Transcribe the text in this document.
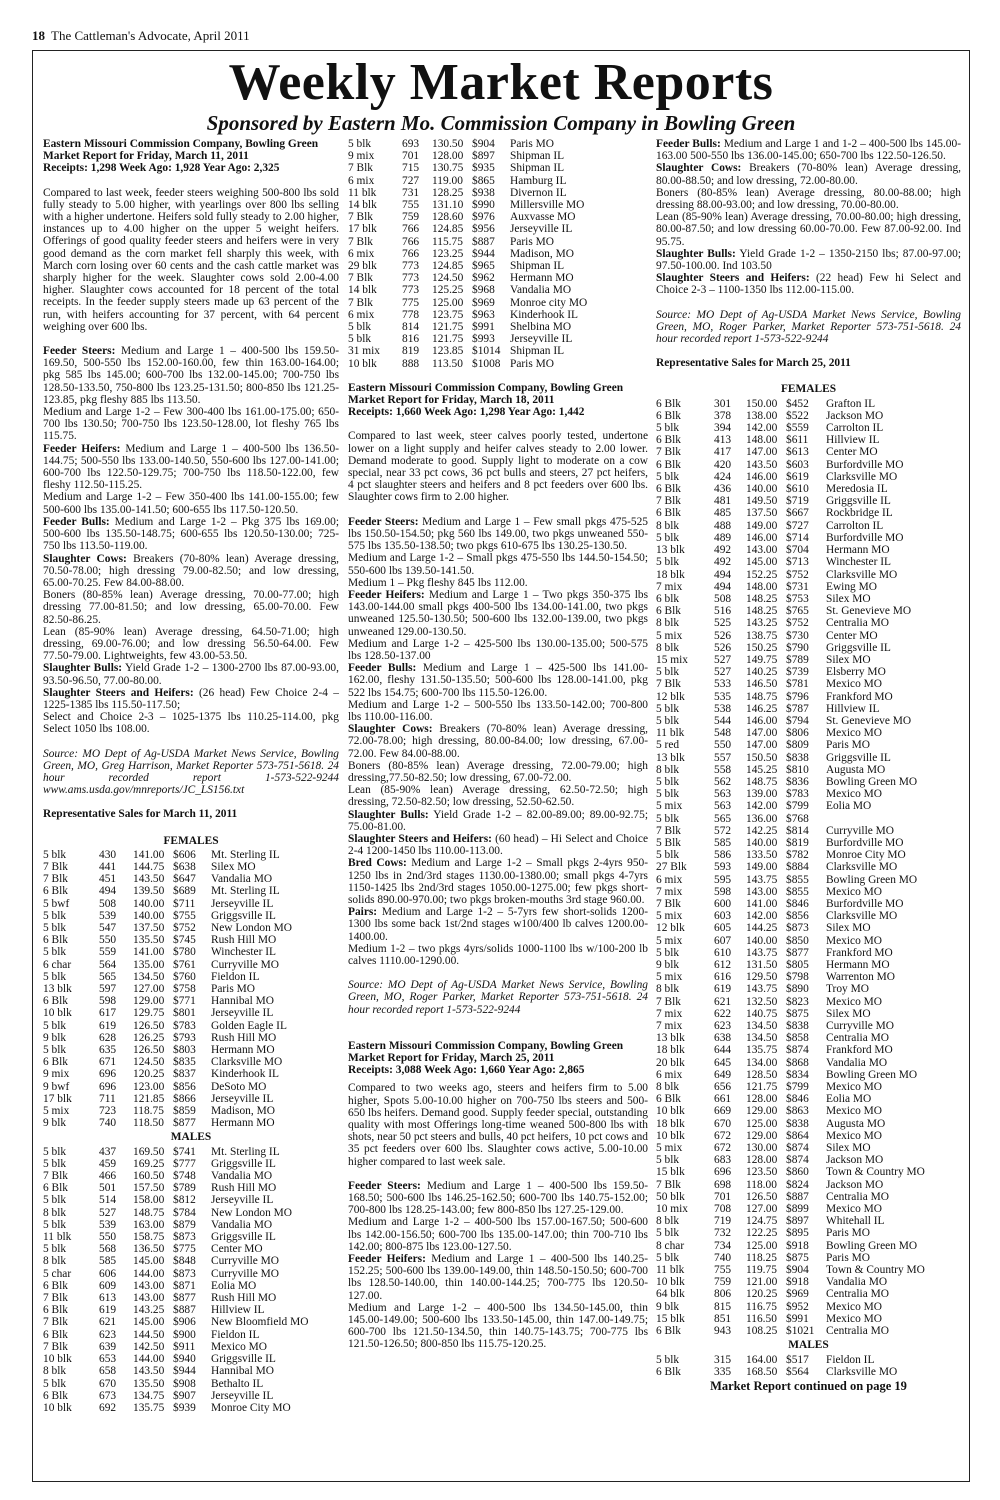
18 The Cattleman's Advocate, April 2011
Weekly Market Reports
Sponsored by Eastern Mo. Commission Company in Bowling Green
Eastern Missouri Commission Company, Bowling Green
Market Report for Friday, March 11, 2011
Receipts: 1,298 Week Ago: 1,928 Year Ago: 2,325

Compared to last week, feeder steers weighing 500-800 lbs sold fully steady to 5.00 higher, with yearlings over 800 lbs selling with a higher undertone. Heifers sold fully steady to 2.00 higher, instances up to 4.00 higher on the upper 5 weight heifers. Offerings of good quality feeder steers and heifers were in very good demand as the corn market fell sharply this week, with March corn losing over 60 cents and the cash cattle market was sharply higher for the week. Slaughter cows sold 2.00-4.00 higher. Slaughter cows accounted for 18 percent of the total receipts. In the feeder supply steers made up 63 percent of the run, with heifers accounting for 37 percent, with 64 percent weighing over 600 lbs.

Feeder Steers: Medium and Large 1 – 400-500 lbs 159.50-169.50, 500-550 lbs 152.00-160.00, few thin 163.00-164.00; pkg 585 lbs 145.00; 600-700 lbs 132.00-145.00; 700-750 lbs 128.50-133.50, 750-800 lbs 123.25-131.50; 800-850 lbs 121.25-123.85, pkg fleshy 885 lbs 113.50.

Medium and Large 1-2 – Few 300-400 lbs 161.00-175.00; 650-700 lbs 130.50; 700-750 lbs 123.50-128.00, lot fleshy 765 lbs 115.75.

Feeder Heifers: Medium and Large 1 – 400-500 lbs 136.50-144.75; 500-550 lbs 133.00-140.50, 550-600 lbs 127.00-141.00; 600-700 lbs 122.50-129.75; 700-750 lbs 118.50-122.00, few fleshy 112.50-115.25.

Medium and Large 1-2 – Few 350-400 lbs 141.00-155.00; few 500-600 lbs 135.00-141.50; 600-655 lbs 117.50-120.50.

Feeder Bulls: Medium and Large 1-2 – Pkg 375 lbs 169.00; 500-600 lbs 135.50-148.75; 600-655 lbs 120.50-130.00; 725-750 lbs 113.50-119.00.

Slaughter Cows: Breakers (70-80% lean) Average dressing, 70.50-78.00; high dressing 79.00-82.50; and low dressing, 65.00-70.25. Few 84.00-88.00.

Boners (80-85% lean) Average dressing, 70.00-77.00; high dressing 77.00-81.50; and low dressing, 65.00-70.00. Few 82.50-86.25.

Lean (85-90% lean) Average dressing, 64.50-71.00; high dressing, 69.00-76.00; and low dressing 56.50-64.00. Few 77.50-79.00. Lightweights, few 43.00-53.50.

Slaughter Bulls: Yield Grade 1-2 – 1300-2700 lbs 87.00-93.00, 93.50-96.50, 77.00-80.00.

Slaughter Steers and Heifers: (26 head) Few Choice 2-4 – 1225-1385 lbs 115.50-117.50;

Select and Choice 2-3 – 1025-1375 lbs 110.25-114.00, pkg Select 1050 lbs 108.00.

Source: MO Dept of Ag-USDA Market News Service, Bowling Green, MO, Greg Harrison, Market Reporter 573-751-5618. 24 hour recorded report 1-573-522-9244 www.ams.usda.gov/mnreports/JC_LS156.txt

Representative Sales for March 11, 2011
FEMALES
5 blk	430	141.00 $606	Mt. Sterling IL
7 Blk	441	144.75 $638	Silex MO
7 Blk	451	143.50 $647	Vandalia MO
6 Blk	494	139.50 $689	Mt. Sterling IL
5 bwf	508	140.00 $711	Jerseyville IL
5 blk	539	140.00 $755	Griggsville IL
5 blk	547	137.50 $752	New London MO
6 Blk	550	135.50 $745	Rush Hill MO
5 blk	559	141.00 $780	Winchester IL
6 char	564	135.00 $761	Curryville MO
5 blk	565	134.50 $760	Fieldon IL
13 blk	597	127.00 $758	Paris MO
6 Blk	598	129.00 $771	Hannibal MO
10 blk	617	129.75 $801	Jerseyville IL
5 blk	619	126.50 $783	Golden Eagle IL
9 blk	628	126.25 $793	Rush Hill MO
5 blk	635	126.50 $803	Hermann MO
6 Blk	671	124.50 $835	Clarksville MO
9 mix	696	120.25 $837	Kinderhook IL
9 bwf	696	123.00 $856	DeSoto MO
17 blk	711	121.85 $866	Jerseyville IL
5 mix	723	118.75 $859	Madison, MO
9 blk	740	118.50 $877	Hermann MO
MALES
5 blk	437	169.50 $741	Mt. Sterling IL
5 blk	459	169.25 $777	Griggsville IL
7 Blk	466	160.50 $748	Vandalia MO
6 Blk	501	157.50 $789	Rush Hill MO
5 blk	514	158.00 $812	Jerseyville IL
8 blk	527	148.75 $784	New London MO
5 blk	539	163.00 $879	Vandalia MO
11 blk	550	158.75 $873	Griggsville IL
5 blk	568	136.50 $775	Center MO
8 blk	585	145.00 $848	Curryville MO
5 char	606	144.00 $873	Curryville MO
6 Blk	609	143.00 $871	Eolia MO
7 Blk	613	143.00 $877	Rush Hill MO
6 Blk	619	143.25 $887	Hillview IL
7 Blk	621	145.00 $906	New Bloomfield MO
6 Blk	623	144.50 $900	Fieldon IL
7 Blk	639	142.50 $911	Mexico MO
10 blk	653	144.00 $940	Griggsville IL
8 blk	658	143.50 $944	Hannibal MO
5 blk	670	135.50 $908	Bethalto IL
6 Blk	673	134.75 $907	Jerseyville IL
10 blk	692	135.75 $939	Monroe City MO
5 blk	693	130.50 $904	Paris MO
9 mix	701	128.00 $897	Shipman IL
7 Blk	715	130.75 $935	Shipman IL
6 mix	727	119.00 $865	Hamburg IL
11 blk	731	128.25 $938	Divernon IL
14 blk	755	131.10 $990	Millersville MO
7 Blk	759	128.60 $976	Auxvasse MO
17 blk	766	124.85 $956	Jerseyville IL
7 Blk	766	115.75 $887	Paris MO
6 mix	766	123.25 $944	Madison, MO
29 blk	773	124.85 $965	Shipman IL
7 Blk	773	124.50 $962	Hermann MO
14 blk	773	125.25 $968	Vandalia MO
7 Blk	775	125.00 $969	Monroe city MO
6 mix	778	123.75 $963	Kinderhook IL
5 blk	814	121.75 $991	Shelbina MO
5 blk	816	121.75 $993	Jerseyville IL
31 mix	819	123.85 $1014 Shipman IL
10 blk	888	113.50 $1008 Paris MO
Eastern Missouri Commission Company, Bowling Green
Market Report for Friday, March 18, 2011
Receipts: 1,660 Week Ago: 1,298 Year Ago: 1,442

Compared to last week, steer calves poorly tested, undertone lower on a light supply and heifer calves steady to 2.00 lower. Demand moderate to good. Supply light to moderate on a cow special, near 33 pct cows, 36 pct bulls and steers, 27 pct heifers, 4 pct slaughter steers and heifers and 8 pct feeders over 600 lbs. Slaughter cows firm to 2.00 higher.

Feeder Steers: Medium and Large 1 – Few small pkgs 475-525 lbs 150.50-154.50; pkg 560 lbs 149.00, two pkgs unweaned 550-575 lbs 135.50-138.50; two pkgs 610-675 lbs 130.25-130.50.

Medium and Large 1-2 – Small pkgs 475-550 lbs 144.50-154.50; 550-600 lbs 139.50-141.50.

Medium 1 – Pkg fleshy 845 lbs 112.00.

Feeder Heifers: Medium and Large 1 – Two pkgs 350-375 lbs 143.00-144.00 small pkgs 400-500 lbs 134.00-141.00, two pkgs unweaned 125.50-130.50; 500-600 lbs 132.00-139.00, two pkgs unweaned 129.00-130.50.

Medium and Large 1-2 – 425-500 lbs 130.00-135.00; 500-575 lbs 128.50-137.00

Feeder Bulls: Medium and Large 1 – 425-500 lbs 141.00-162.00, fleshy 131.50-135.50; 500-600 lbs 128.00-141.00, pkg 522 lbs 154.75; 600-700 lbs 115.50-126.00.

Medium and Large 1-2 – 500-550 lbs 133.50-142.00; 700-800 lbs 110.00-116.00.

Slaughter Cows: Breakers (70-80% lean) Average dressing, 72.00-78.00; high dressing, 80.00-84.00; low dressing, 67.00-72.00. Few 84.00-88.00.

Boners (80-85% lean) Average dressing, 72.00-79.00; high dressing,77.50-82.50; low dressing, 67.00-72.00.

Lean (85-90% lean) Average dressing, 62.50-72.50; high dressing, 72.50-82.50; low dressing, 52.50-62.50.

Slaughter Bulls: Yield Grade 1-2 – 82.00-89.00; 89.00-92.75; 75.00-81.00.

Slaughter Steers and Heifers: (60 head) – Hi Select and Choice 2-4 1200-1450 lbs 110.00-113.00.

Bred Cows: Medium and Large 1-2 – Small pkgs 2-4yrs 950-1250 lbs in 2nd/3rd stages 1130.00-1380.00; small pkgs 4-7yrs 1150-1425 lbs 2nd/3rd stages 1050.00-1275.00; few pkgs short-solids 890.00-970.00; two pkgs broken-mouths 3rd stage 960.00.

Pairs: Medium and Large 1-2 – 5-7yrs few short-solids 1200-1300 lbs some back 1st/2nd stages w100/400 lb calves 1200.00-1400.00.

Medium 1-2 – two pkgs 4yrs/solids 1000-1100 lbs w/100-200 lb calves 1110.00-1290.00.

Source: MO Dept of Ag-USDA Market News Service, Bowling Green, MO, Roger Parker, Market Reporter 573-751-5618. 24 hour recorded report 1-573-522-9244

Eastern Missouri Commission Company, Bowling Green
Market Report for Friday, March 25, 2011
Receipts: 3,088 Week Ago: 1,660 Year Ago: 2,865

Compared to two weeks ago, steers and heifers firm to 5.00 higher, Spots 5.00-10.00 higher on 700-750 lbs steers and 500-650 lbs heifers. Demand good. Supply feeder special, outstanding quality with most Offerings long-time weaned 500-800 lbs with shots, near 50 pct steers and bulls, 40 pct heifers, 10 pct cows and 35 pct feeders over 600 lbs. Slaughter cows active, 5.00-10.00 higher compared to last week sale.

Feeder Steers: Medium and Large 1 – 400-500 lbs 159.50-168.50; 500-600 lbs 146.25-162.50; 600-700 lbs 140.75-152.00; 700-800 lbs 128.25-143.00; few 800-850 lbs 127.25-129.00.

Medium and Large 1-2 – 400-500 lbs 157.00-167.50; 500-600 lbs 142.00-156.50; 600-700 lbs 135.00-147.00; thin 700-710 lbs 142.00; 800-875 lbs 123.00-127.50.

Feeder Heifers: Medium and Large 1 – 400-500 lbs 140.25-152.25; 500-600 lbs 139.00-149.00, thin 148.50-150.50; 600-700 lbs 128.50-140.00, thin 140.00-144.25; 700-775 lbs 120.50-127.00.

Medium and Large 1-2 – 400-500 lbs 134.50-145.00, thin 145.00-149.00; 500-600 lbs 133.50-145.00, thin 147.00-149.75; 600-700 lbs 121.50-134.50, thin 140.75-143.75; 700-775 lbs 121.50-126.50; 800-850 lbs 115.75-120.25.

Feeder Bulls: Medium and Large 1 and 1-2 – 400-500 lbs 145.00-163.00 500-550 lbs 136.00-145.00; 650-700 lbs 122.50-126.50.

Slaughter Cows: Breakers (70-80% lean) Average dressing, 80.00-88.50; and low dressing, 72.00-80.00.

Boners (80-85% lean) Average dressing, 80.00-88.00; high dressing 88.00-93.00; and low dressing, 70.00-80.00.

Lean (85-90% lean) Average dressing, 70.00-80.00; high dressing, 80.00-87.50; and low dressing 60.00-70.00. Few 87.00-92.00. Ind 95.75.

Slaughter Bulls: Yield Grade 1-2 – 1350-2150 lbs; 87.00-97.00; 97.50-100.00. Ind 103.50

Slaughter Steers and Heifers: (22 head) Few hi Select and Choice 2-3 – 1100-1350 lbs 112.00-115.00.

Source: MO Dept of Ag-USDA Market News Service, Bowling Green, MO, Roger Parker, Market Reporter 573-751-5618. 24 hour recorded report 1-573-522-9244

Representative Sales for March 25, 2011
FEMALES
6 Blk	301	150.00 $452	Grafton IL
6 Blk	378	138.00 $522	Jackson MO
5 blk	394	142.00 $559	Carrolton IL
6 Blk	413	148.00 $611	Hillview IL
7 Blk	417	147.00 $613	Center MO
6 Blk	420	143.50 $603	Burfordville MO
5 blk	424	146.00 $619	Clarksville MO
6 Blk	436	140.00 $610	Meredosia IL
7 Blk	481	149.50 $719	Griggsville IL
6 Blk	485	137.50 $667	Rockbridge IL
8 blk	488	149.00 $727	Carrolton IL
5 blk	489	146.00 $714	Burfordville MO
13 blk	492	143.00 $704	Hermann MO
5 blk	492	145.00 $713	Winchester IL
18 blk	494	152.25 $752	Clarksville MO
7 mix	494	148.00 $731	Ewing MO
6 blk	508	148.25 $753	Silex MO
6 Blk	516	148.25 $765	St. Genevieve MO
8 blk	525	143.25 $752	Centralia MO
5 mix	526	138.75 $730	Center MO
8 blk	526	150.25 $790	Griggsville IL
15 mix	527	149.75 $789	Silex MO
5 blk	527	140.25 $739	Elsberry MO
7 Blk	533	146.50 $781	Mexico MO
12 blk	535	148.75 $796	Frankford MO
5 blk	538	146.25 $787	Hillview IL
5 blk	544	146.00 $794	St. Genevieve MO
11 blk	548	147.00 $806	Mexico MO
5 red	550	147.00 $809	Paris MO
13 blk	557	150.50 $838	Griggsville IL
8 blk	558	145.25 $810	Augusta MO
5 blk	562	148.75 $836	Bowling Green MO
5 blk	563	139.00 $783	Mexico MO
5 mix	563	142.00 $799	Eolia MO
5 blk	565	136.00 $768
7 Blk	572	142.25 $814	Curryville MO
5 Blk	585	140.00 $819	Burfordville MO
5 blk	586	133.50 $782	Monroe City MO
27 Blk	593	149.00 $884	Clarksville MO
6 mix	595	143.75 $855	Bowling Green MO
7 mix	598	143.00 $855	Mexico MO
7 Blk	600	141.00 $846	Burfordville MO
5 mix	603	142.00 $856	Clarksville MO
12 blk	605	144.25 $873	Silex MO
5 mix	607	140.00 $850	Mexico MO
5 blk	610	143.75 $877	Frankford MO
9 blk	612	131.50 $805	Hermann MO
5 mix	616	129.50 $798	Warrenton MO
8 blk	619	143.75 $890	Troy MO
7 Blk	621	132.50 $823	Mexico MO
7 mix	622	140.75 $875	Silex MO
7 mix	623	134.50 $838	Curryville MO
13 blk	638	134.50 $858	Centralia MO
18 blk	644	135.75 $874	Frankford MO
20 blk	645	134.00 $868	Vandalia MO
6 mix	649	128.50 $834	Bowling Green MO
8 blk	656	121.75 $799	Mexico MO
6 Blk	661	128.00 $846	Eolia MO
10 blk	669	129.00 $863	Mexico MO
18 blk	670	125.00 $838	Augusta MO
10 blk	672	129.00 $864	Mexico MO
5 mix	672	130.00 $874	Silex MO
5 blk	683	128.00 $874	Jackson MO
15 blk	696	123.50 $860	Town & Country MO
7 Blk	698	118.00 $824	Jackson MO
50 blk	701	126.50 $887	Centralia MO
10 mix	708	127.00 $899	Mexico MO
8 blk	719	124.75 $897	Whitehall IL
5 blk	732	122.25 $895	Paris MO
8 char	734	125.00 $918	Bowling Green MO
5 blk	740	118.25 $875	Paris MO
11 blk	755	119.75 $904	Town & Country MO
10 blk	759	121.00 $918	Vandalia MO
64 blk	806	120.25 $969	Centralia MO
9 blk	815	116.75 $952	Mexico MO
15 blk	851	116.50 $991	Mexico MO
6 Blk	943	108.25 $1021	Centralia MO
MALES
5 blk	315	164.00 $517	Fieldon IL
6 Blk	335	168.50 $564	Clarksville MO
Market Report continued on page 19
